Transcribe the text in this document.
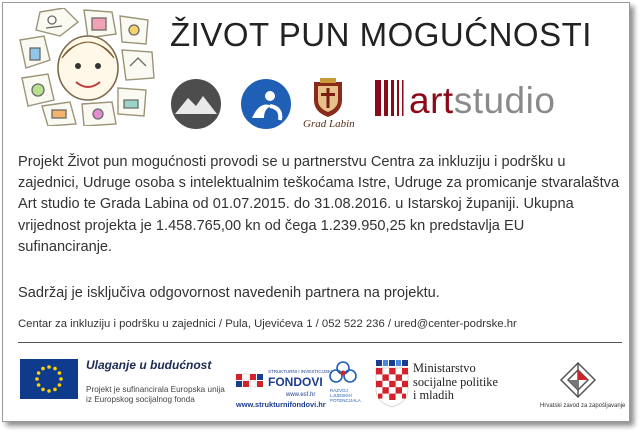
ŽIVOT PUN MOGUĆNOSTI
Grad Labin
artstudio
Projekt Život pun mogućnosti provodi se u partnerstvu Centra za inkluziju i podršku u zajednici, Udruge osoba s intelektualnim teškoćama Istre, Udruge za promicanje stvaralaštva Art studio te Grada Labina od 01.07.2015. do 31.08.2016. u Istarskoj županiji. Ukupna vrijednost projekta je 1.458.765,00 kn od čega 1.239.950,25 kn predstavlja EU sufinanciranje.
Sadržaj je isključiva odgovornost navedenih partnera na projektu.
Centar za inkluziju i podršku u zajednici / Pula, Ujevićeva 1 / 052 522 236 / ured@center-podrske.hr
Ulaganje u budućnost
Projekt je sufinancirala Europska unija
iz Europskog socijalnog fonda
STRUKTURNI I INVESTICIJSKI
FONDOVI
www.esf.hr
www.strukturnifondovi.hr
RAZVOJ
LJUDSKIH
POTENCIJALA
Ministarstvo
socijalne politike
i mladih
Hrvatski zavod za zapošljavanje
